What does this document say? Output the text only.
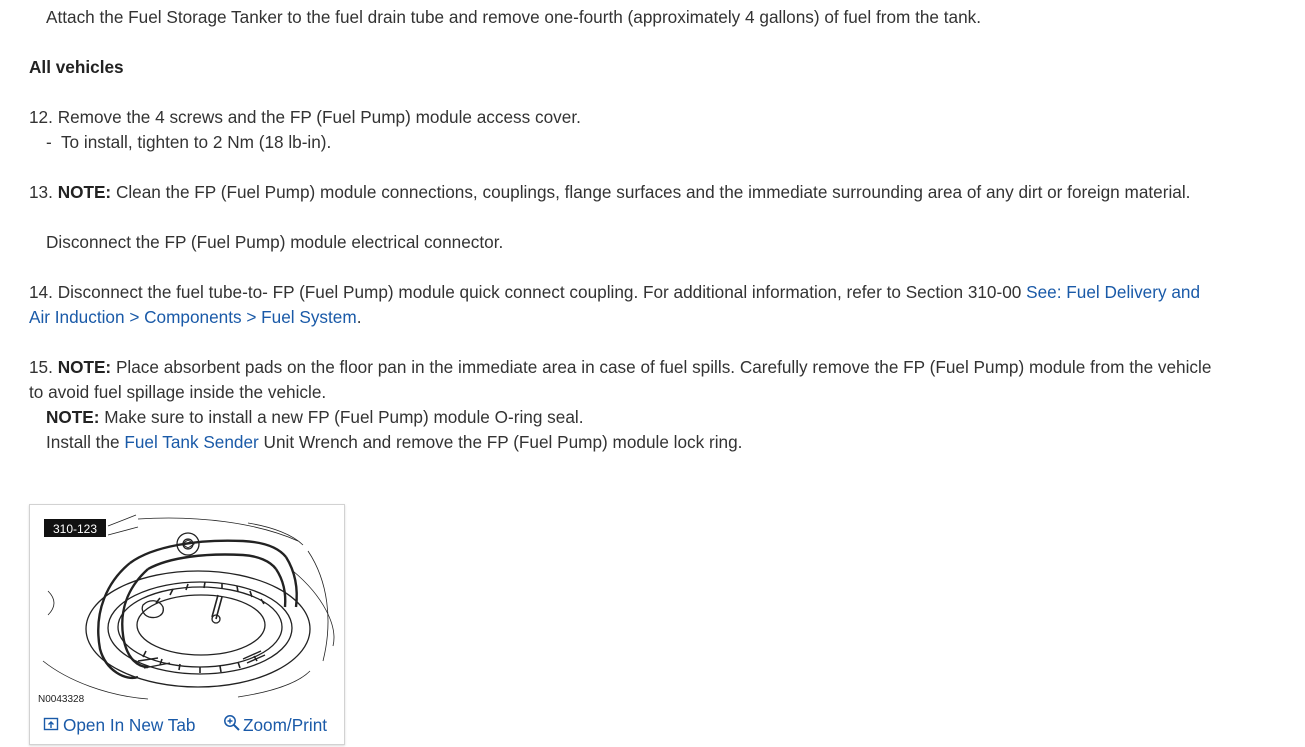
Attach the Fuel Storage Tanker to the fuel drain tube and remove one-fourth (approximately 4 gallons) of fuel from the tank.
All vehicles
12. Remove the 4 screws and the FP (Fuel Pump) module access cover.
-  To install, tighten to 2 Nm (18 lb-in).
13. NOTE: Clean the FP (Fuel Pump) module connections, couplings, flange surfaces and the immediate surrounding area of any dirt or foreign material.
Disconnect the FP (Fuel Pump) module electrical connector.
14. Disconnect the fuel tube-to- FP (Fuel Pump) module quick connect coupling. For additional information, refer to Section 310-00 See: Fuel Delivery and
Air Induction > Components > Fuel System.
15. NOTE: Place absorbent pads on the floor pan in the immediate area in case of fuel spills. Carefully remove the FP (Fuel Pump) module from the vehicle
to avoid fuel spillage inside the vehicle.
NOTE: Make sure to install a new FP (Fuel Pump) module O-ring seal.
Install the Fuel Tank Sender Unit Wrench and remove the FP (Fuel Pump) module lock ring.
310-123
N0043328
Open In New Tab	Zoom/Print
